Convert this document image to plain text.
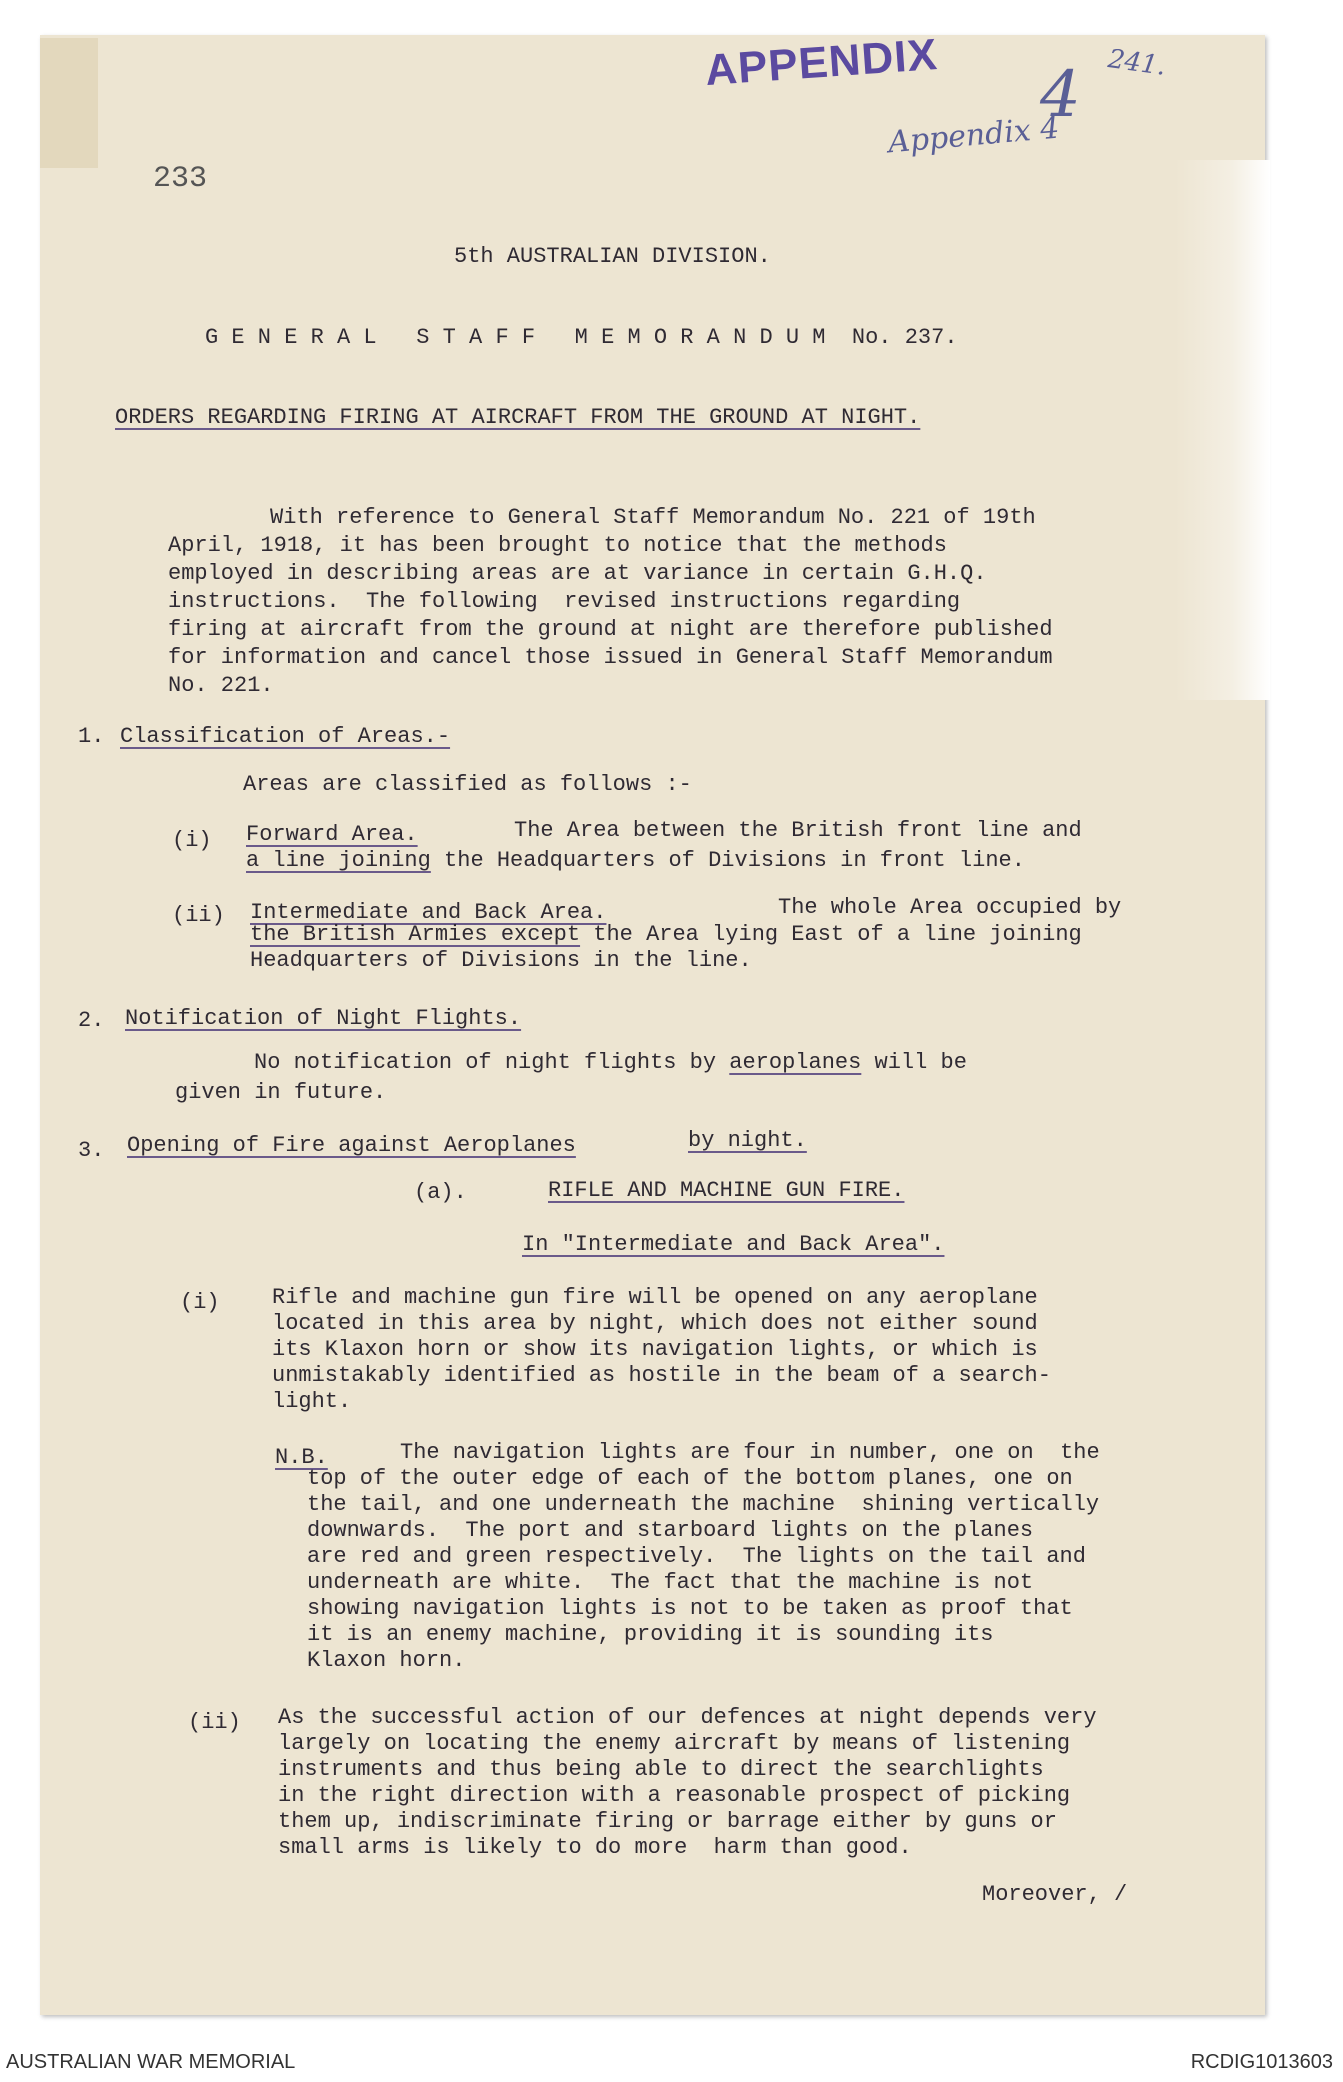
APPENDIX 4 241.
Appendix 4
233
5th AUSTRALIAN DIVISION.
G E N E R A L   S T A F F   M E M O R A N D U M  No. 237.
ORDERS REGARDING FIRING AT AIRCRAFT FROM THE GROUND AT NIGHT.
With reference to General Staff Memorandum No. 221 of 19th
April, 1918, it has been brought to notice that the methods
employed in describing areas are at variance in certain G.H.Q.
instructions.  The following  revised instructions regarding
firing at aircraft from the ground at night are therefore published
for information and cancel those issued in General Staff Memorandum
No. 221.
1. Classification of Areas.-
Areas are classified as follows :-
(i) Forward Area.	The Area between the British front line and
a line joining the Headquarters of Divisions in front line.
(ii) Intermediate and Back Area.	The whole Area occupied by
the British Armies except the Area lying East of a line joining
Headquarters of Divisions in the line.
2. Notification of Night Flights.
No notification of night flights by aeroplanes will be
given in future.
3. Opening of Fire against Aeroplanes	by night.
(a).	RIFLE AND MACHINE GUN FIRE.
In "Intermediate and Back Area".
(i) Rifle and machine gun fire will be opened on any aeroplane
located in this area by night, which does not either sound
its Klaxon horn or show its navigation lights, or which is
unmistakably identified as hostile in the beam of a search-
light.
N.B.	The navigation lights are four in number, one on  the
top of the outer edge of each of the bottom planes, one on
the tail, and one underneath the machine  shining vertically
downwards.  The port and starboard lights on the planes
are red and green respectively.  The lights on the tail and
underneath are white.  The fact that the machine is not
showing navigation lights is not to be taken as proof that
it is an enemy machine, providing it is sounding its
Klaxon horn.
(ii) As the successful action of our defences at night depends very
largely on locating the enemy aircraft by means of listening
instruments and thus being able to direct the searchlights
in the right direction with a reasonable prospect of picking
them up, indiscriminate firing or barrage either by guns or
small arms is likely to do more  harm than good.
Moreover, /
AUSTRALIAN WAR MEMORIAL	RCDIG1013603
